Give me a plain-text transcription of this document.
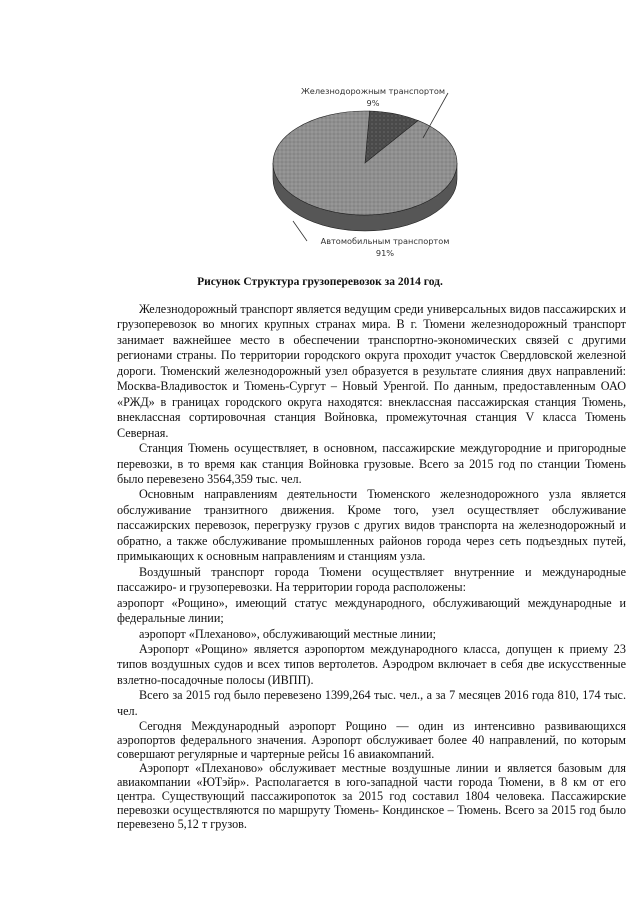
Железнодорожным транспортом
9%
Автомобильным транспортом
91%
Рисунок Структура грузоперевозок за 2014 год.

Железнодорожный транспорт является ведущим среди универсальных видов пассажирских и грузоперевозок во многих крупных странах мира. В г. Тюмени железнодорожный транспорт занимает важнейшее место в обеспечении транспортно-экономических связей с другими регионами страны. По территории городского округа проходит участок Свердловской железной дороги. Тюменский железнодорожный узел образуется в результате слияния двух направлений: Москва-Владивосток и Тюмень-Сургут – Новый Уренгой. По данным, предоставленным ОАО «РЖД» в границах городского округа находятся: внеклассная пассажирская станция Тюмень, внеклассная сортировочная станция Войновка, промежуточная станция V класса Тюмень Северная.

Станция Тюмень осуществляет, в основном, пассажирские междугородние и пригородные перевозки, в то время как станция Войновка грузовые. Всего за 2015 год по станции Тюмень было перевезено 3564,359 тыс. чел.

Основным направлениям деятельности Тюменского железнодорожного узла является обслуживание транзитного движения. Кроме того, узел осуществляет обслуживание пассажирских перевозок, перегрузку грузов с других видов транспорта на железнодорожный и обратно, а также обслуживание промышленных районов города через сеть подъездных путей, примыкающих к основным направлениям и станциям узла.

Воздушный транспорт города Тюмени осуществляет внутренние и международные пассажиро- и грузоперевозки. На территории города расположены:

аэропорт «Рощино», имеющий статус международного, обслуживающий международные и федеральные линии;

аэропорт «Плеханово», обслуживающий местные линии;

Аэропорт «Рощино» является аэропортом международного класса, допущен к приему 23 типов воздушных судов и всех типов вертолетов. Аэродром включает в себя две искусственные взлетно-посадочные полосы (ИВПП).

Всего за 2015 год было перевезено 1399,264 тыс. чел., а за 7 месяцев 2016 года 810, 174 тыс. чел.

Сегодня Международный аэропорт Рощино — один из интенсивно развивающихся аэропортов федерального значения. Аэропорт обслуживает более 40 направлений, по которым совершают регулярные и чартерные рейсы 16 авиакомпаний.

Аэропорт «Плеханово» обслуживает местные воздушные линии и является базовым для авиакомпании «ЮТэйр». Располагается в юго-западной части города Тюмени, в 8 км от его центра. Существующий пассажиропоток за 2015 год составил 1804 человека. Пассажирские перевозки осуществляются по маршруту Тюмень- Кондинское – Тюмень. Всего за 2015 год было перевезено 5,12 т грузов.
